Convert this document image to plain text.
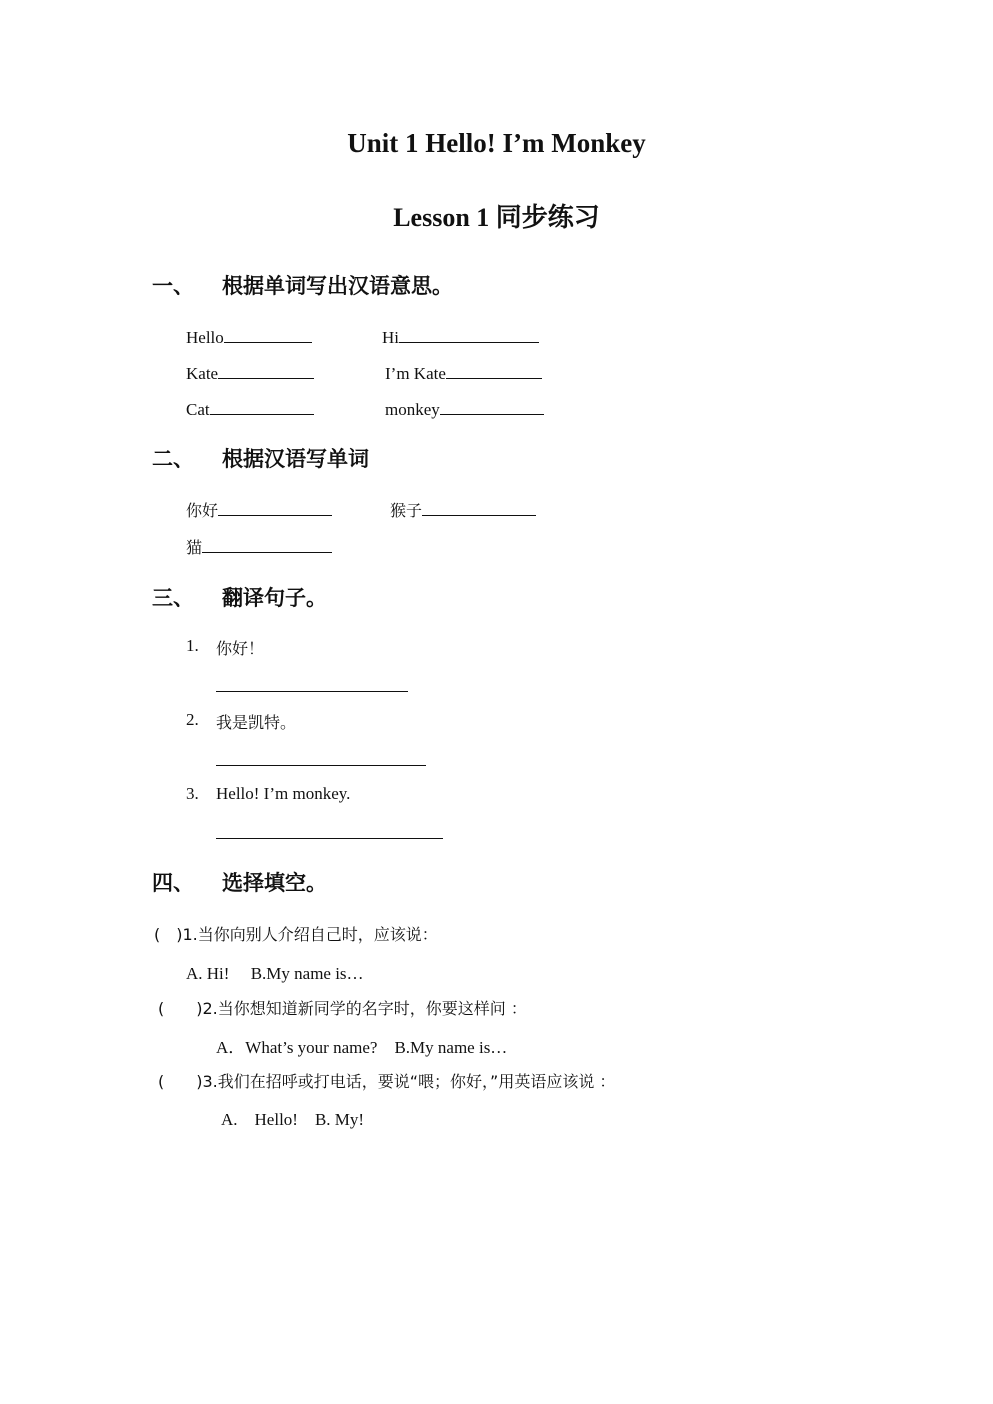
Unit 1 Hello! I’m Monkey
Lesson 1 同步练习
一、 根据单词写出汉语意思。
Hello	Hi
Kate	I’m Kate
Cat	monkey
二、 根据汉语写单词
你好	猴子
猫
三、 翻译句子。
1. 你好！
2. 我是凯特。
3. Hello! I’m monkey.
四、 选择填空。
(　)1.当你向别人介绍自己时，应该说：
A. Hi!　 B.My name is…
(　　)2.当你想知道新同学的名字时，你要这样问 ：
A．What’s your name?　B.My name is…
(　　)3.我们在招呼或打电话，要说“喂；你好，”用英语应该说 ：
A.　Hello!　B. My!
